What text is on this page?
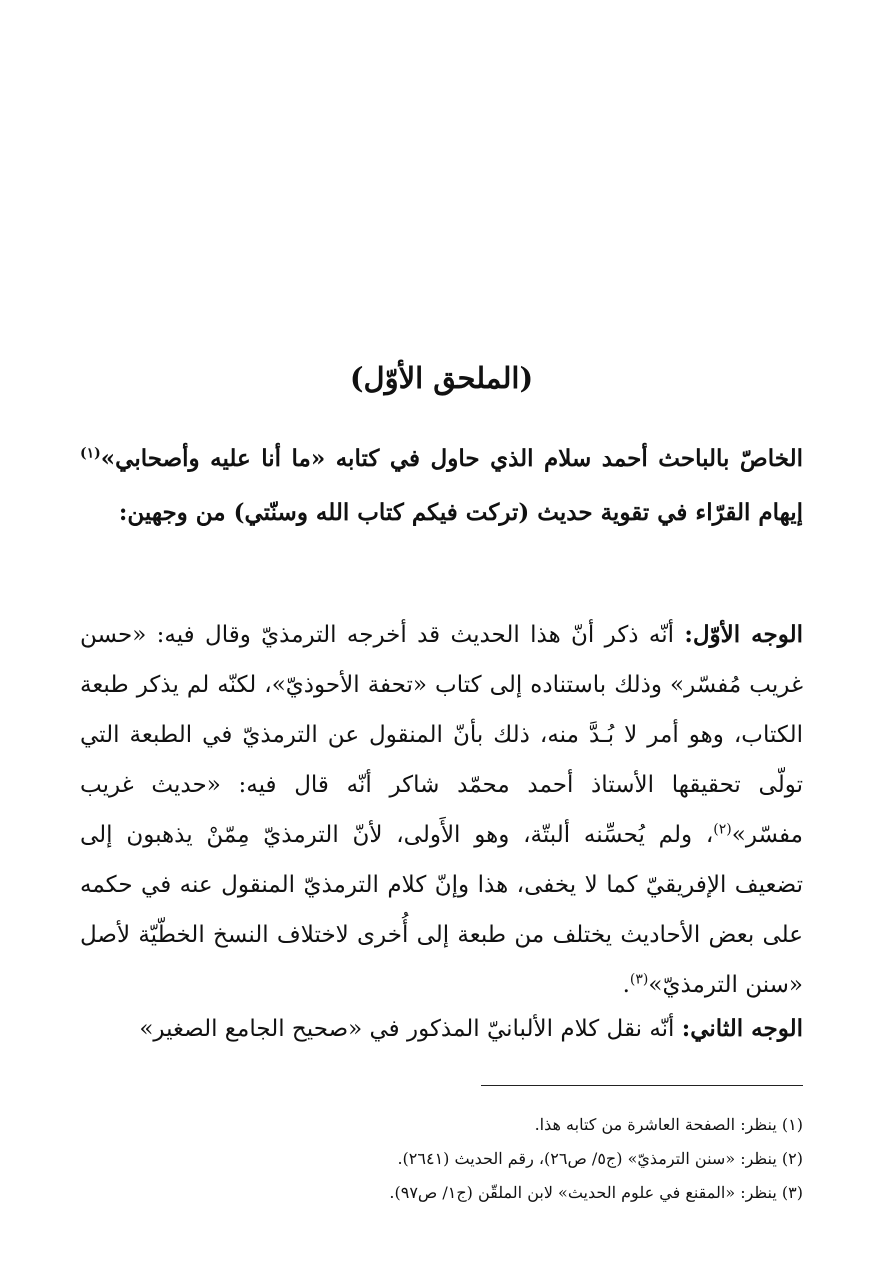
(الملحق الأوّل)

الخاصّ بالباحث أحمد سلام الذي حاول في كتابه «ما أنا عليه وأصحابي»$^{(١)}$ إيهام القرّاء في تقوية حديث (تركت فيكم كتاب الله وسنّتي) من وجهين:

الوجه الأوّل: أنّه ذكر أنّ هذا الحديث قد أخرجه الترمذيّ وقال فيه: «حسن غريب مُفسّر» وذلك باستناده إلى كتاب «تحفة الأحوذيّ»، لكنّه لم يذكر طبعة الكتاب، وهو أمر لا بُـدَّ منه، ذلك بأنّ المنقول عن الترمذيّ في الطبعة التي تولّى تحقيقها الأستاذ أحمد محمّد شاكر أنّه قال فيه: «حديث غريب مفسّر»$^{(٢)}$، ولم يُحسِّنه ألبتّة، وهو الأَولى، لأنّ الترمذيّ مِمّنْ يذهبون إلى تضعيف الإفريقيّ كما لا يخفى، هذا وإنّ كلام الترمذيّ المنقول عنه في حكمه على بعض الأحاديث يختلف من طبعة إلى أُخرى لاختلاف النسخ الخطّيّة لأصل «سنن الترمذيّ»$^{(٣)}$.

الوجه الثاني: أنّه نقل كلام الألبانيّ المذكور في «صحيح الجامع الصغير»

(١) ينظر: الصفحة العاشرة من كتابه هذا.
(٢) ينظر: «سنن الترمذيّ» (ج٥/ ص٢٦)، رقم الحديث (٢٦٤١).
(٣) ينظر: «المقنع في علوم الحديث» لابن الملقّن (ج١/ ص٩٧).
